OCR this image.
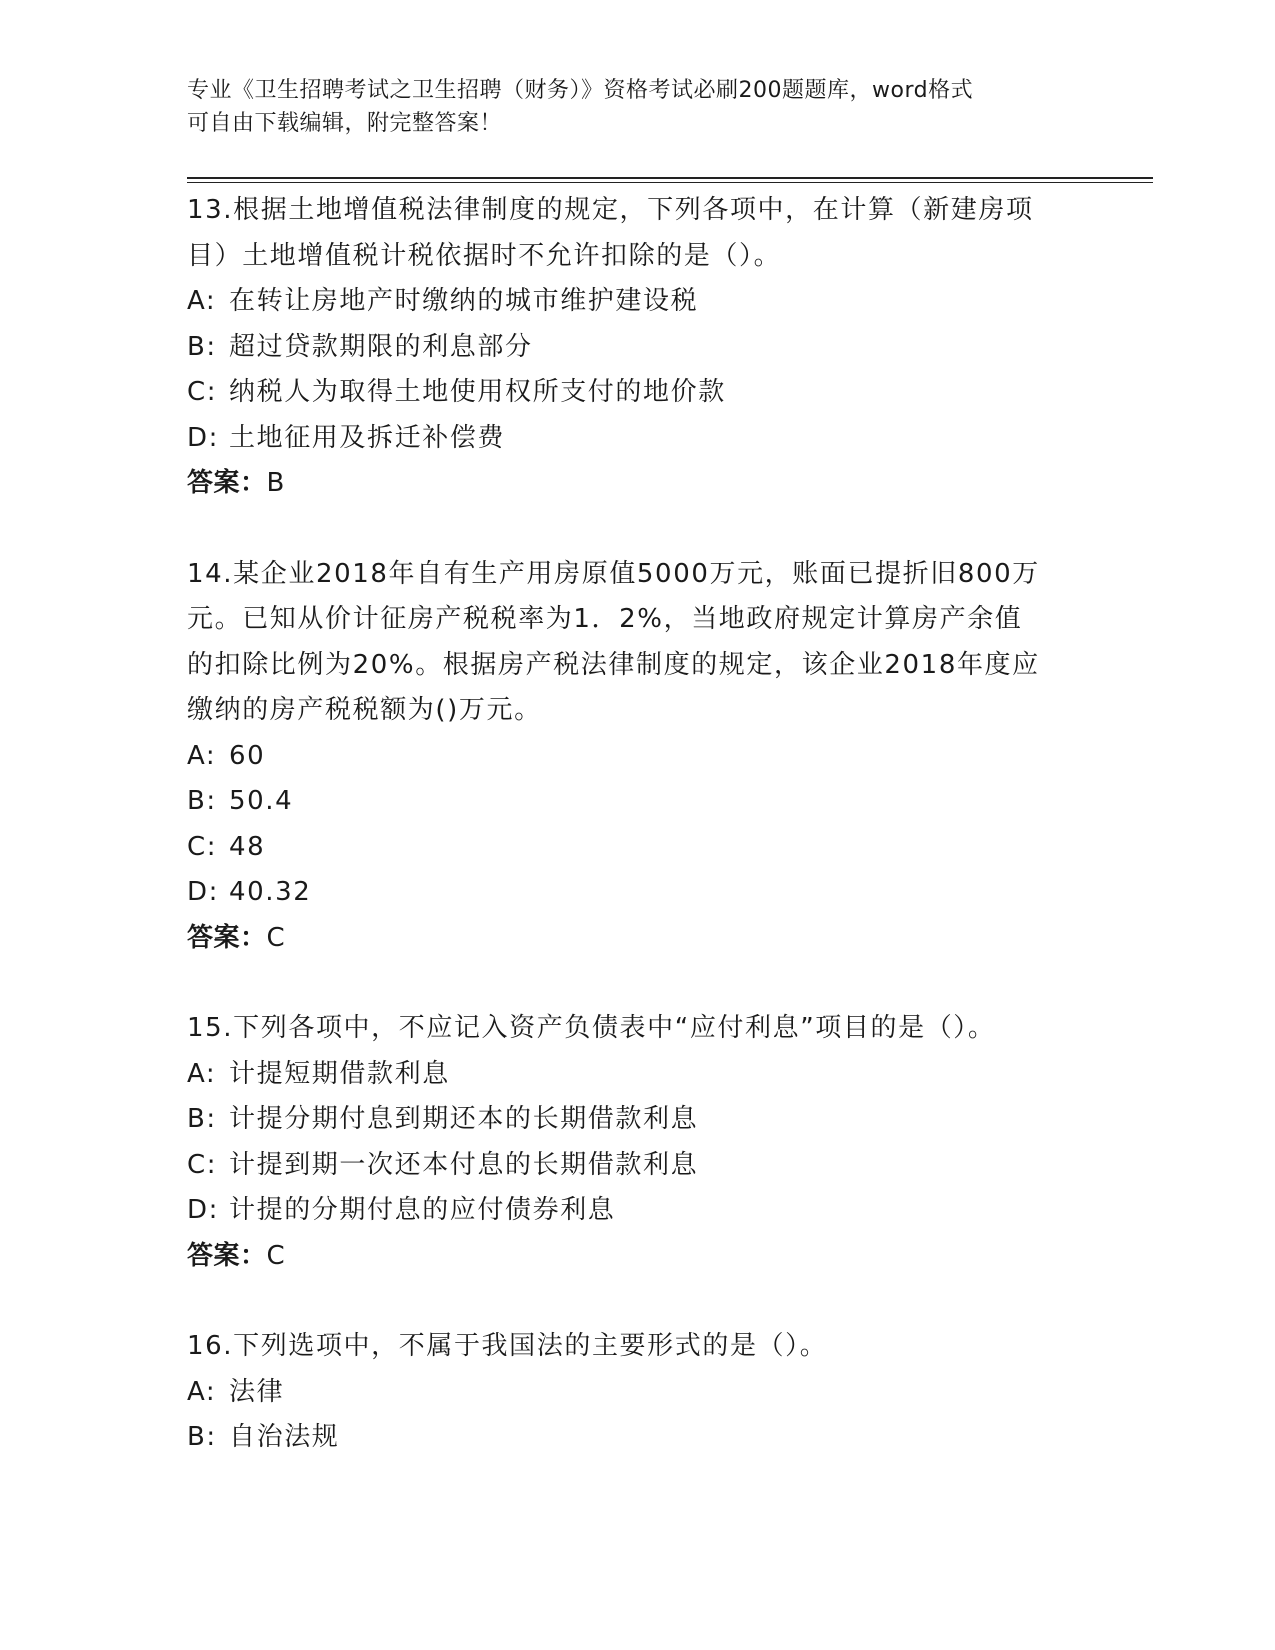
专业《卫生招聘考试之卫生招聘（财务）》资格考试必刷200题题库，word格式
可自由下载编辑，附完整答案！

13.根据土地增值税法律制度的规定，下列各项中，在计算（新建房项

目）土地增值税计税依据时不允许扣除的是（）。

A: 在转让房地产时缴纳的城市维护建设税

B: 超过贷款期限的利息部分

C: 纳税人为取得土地使用权所支付的地价款

D: 土地征用及拆迁补偿费

答案：B

14.某企业2018年自有生产用房原值5000万元，账面已提折旧800万

元。已知从价计征房产税税率为1．2%，当地政府规定计算房产余值

的扣除比例为20%。根据房产税法律制度的规定，该企业2018年度应

缴纳的房产税税额为()万元。

A: 60

B: 50.4

C: 48

D: 40.32

答案：C

15.下列各项中，不应记入资产负债表中“应付利息”项目的是（）。

A: 计提短期借款利息

B: 计提分期付息到期还本的长期借款利息

C: 计提到期一次还本付息的长期借款利息

D: 计提的分期付息的应付债券利息

答案：C

16.下列选项中，不属于我国法的主要形式的是（）。

A: 法律

B: 自治法规
